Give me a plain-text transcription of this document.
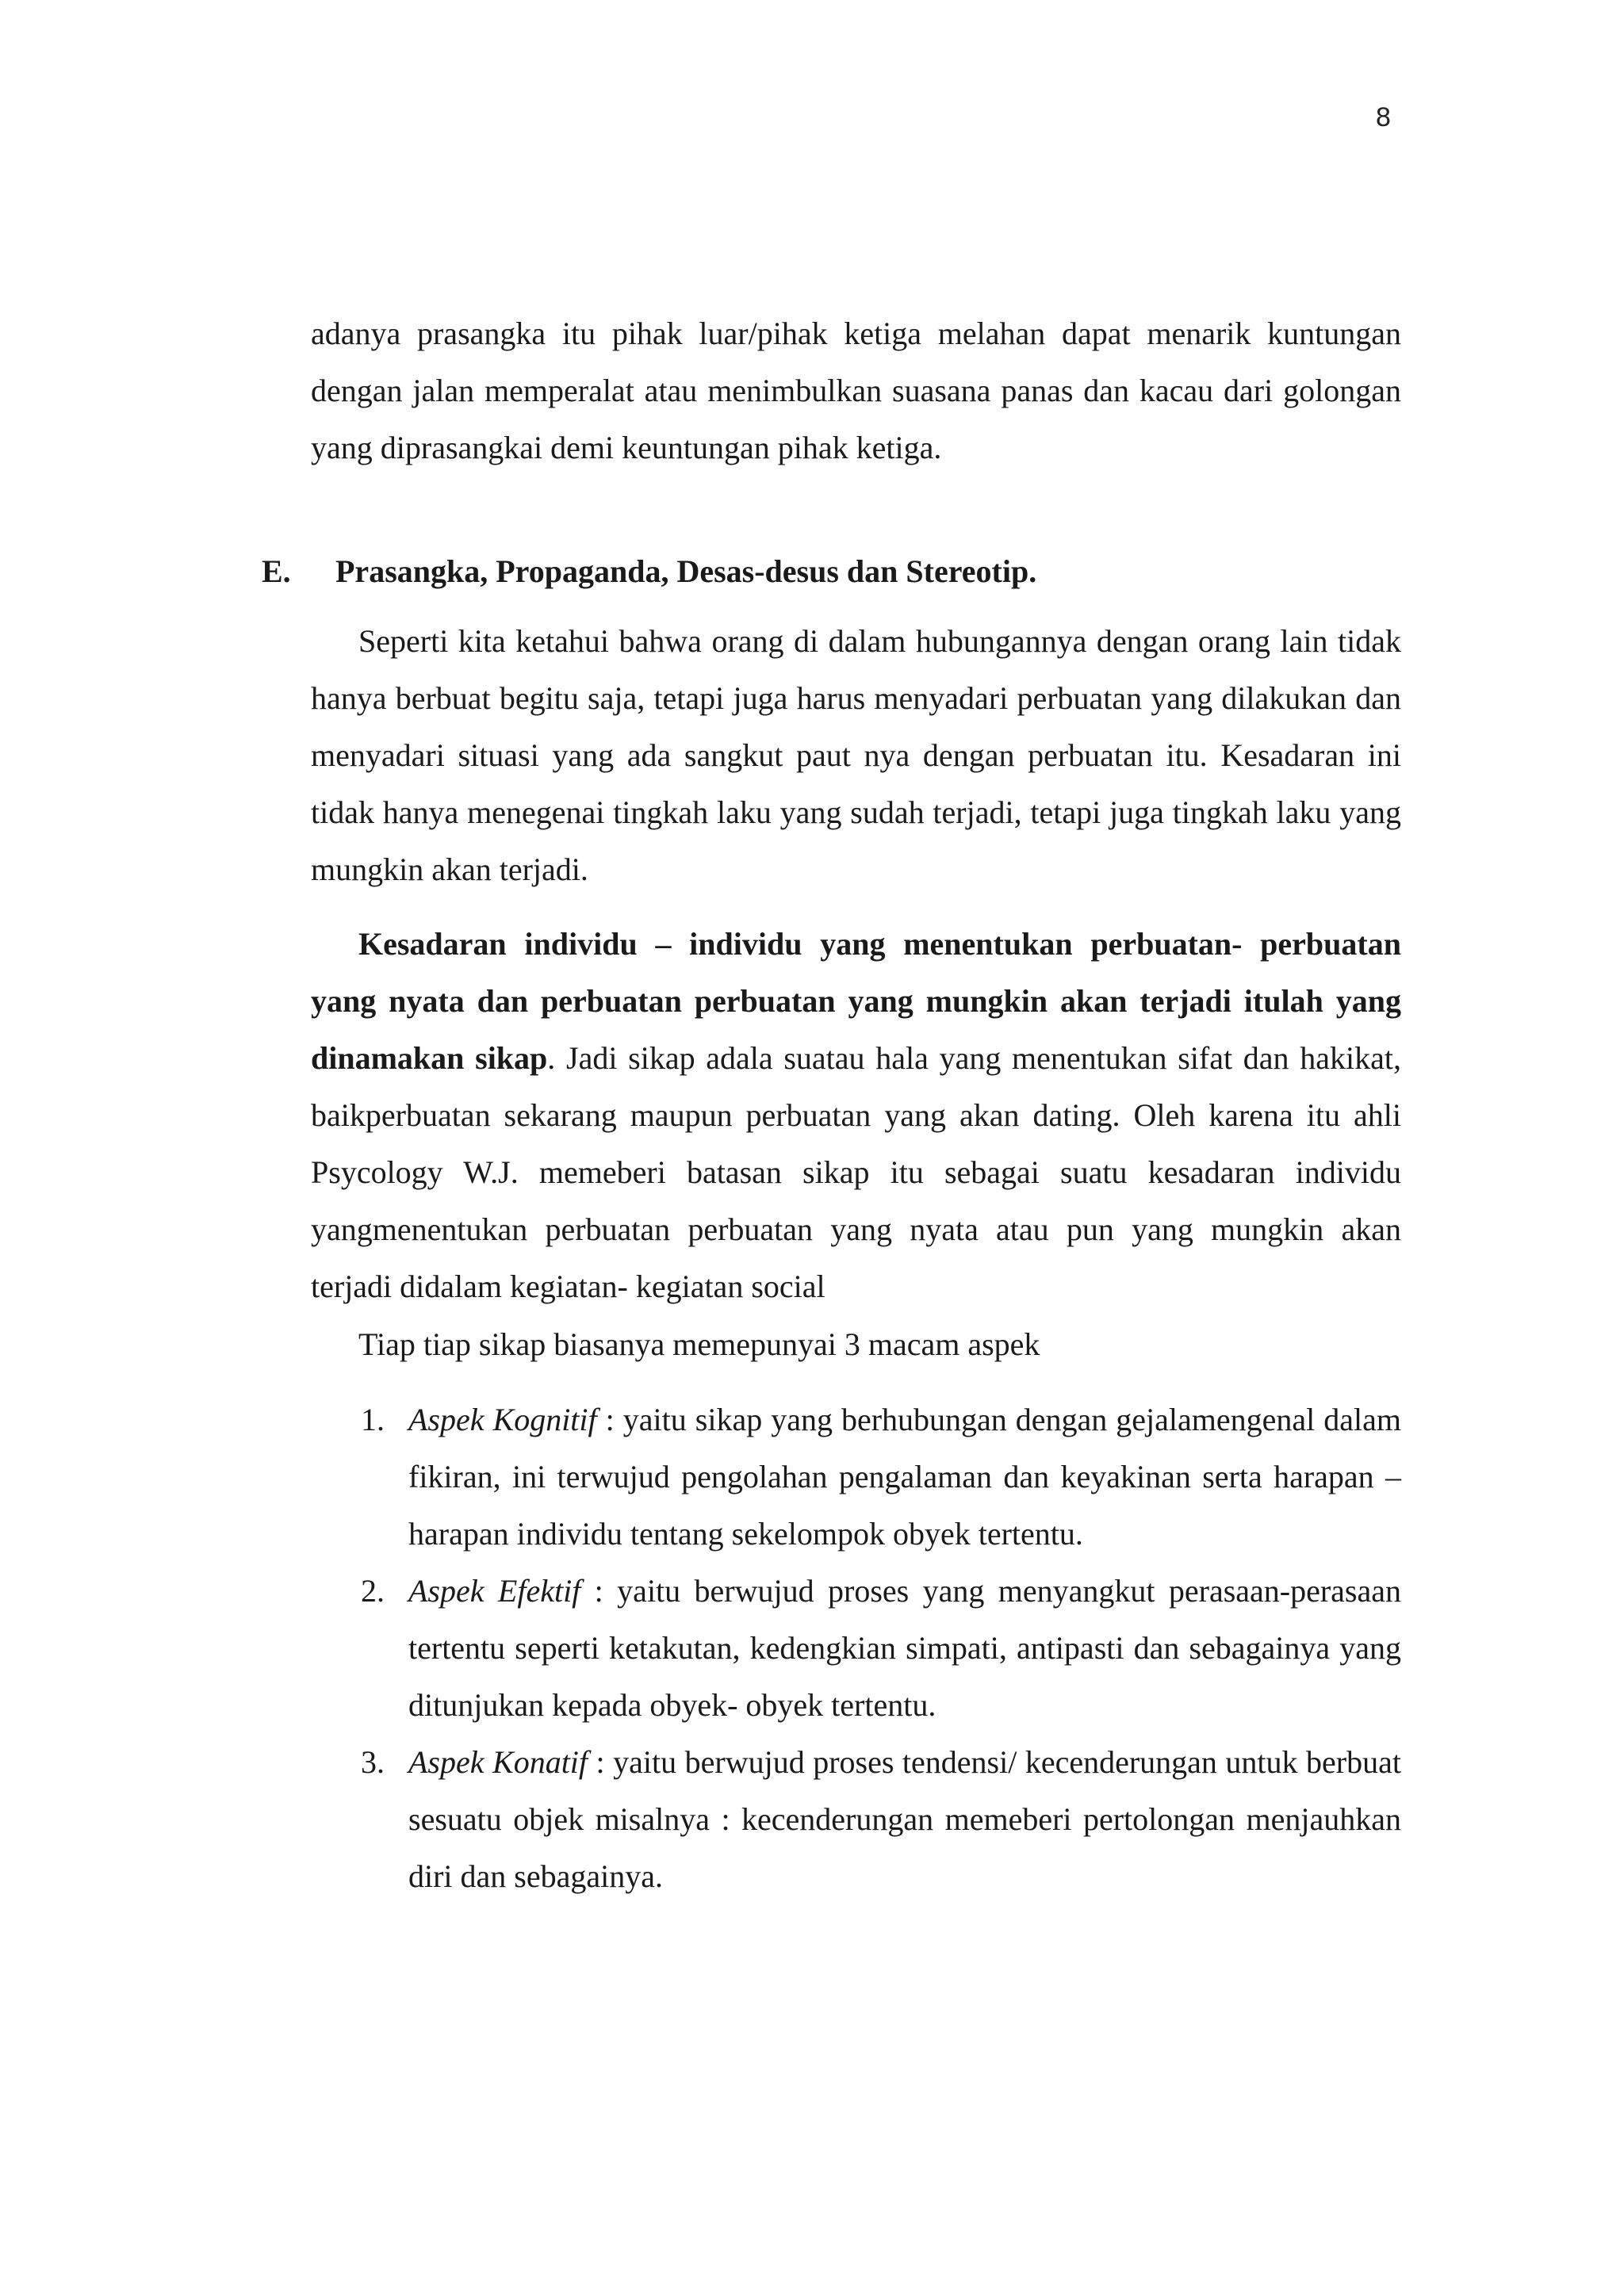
8

adanya prasangka itu pihak luar/pihak ketiga melahan dapat menarik kuntungan dengan jalan memperalat atau menimbulkan suasana panas dan kacau dari golongan yang diprasangkai demi keuntungan pihak ketiga.

E. Prasangka, Propaganda, Desas-desus dan Stereotip.

Seperti kita ketahui bahwa orang di dalam hubungannya dengan orang lain tidak hanya berbuat begitu saja, tetapi juga harus menyadari perbuatan yang dilakukan dan menyadari situasi yang ada sangkut paut nya dengan perbuatan itu. Kesadaran ini tidak hanya menegenai tingkah laku yang sudah terjadi, tetapi juga tingkah laku yang mungkin akan terjadi.

Kesadaran individu – individu yang menentukan perbuatan- perbuatan yang nyata dan perbuatan perbuatan yang mungkin akan terjadi itulah yang dinamakan sikap. Jadi sikap adala suatau hala yang menentukan sifat dan hakikat, baikperbuatan sekarang maupun perbuatan yang akan dating. Oleh karena itu ahli Psycology W.J. memeberi batasan sikap itu sebagai suatu kesadaran individu yangmenentukan perbuatan perbuatan yang nyata atau pun yang mungkin akan terjadi didalam kegiatan- kegiatan social

Tiap tiap sikap biasanya memepunyai 3 macam aspek

1. Aspek Kognitif : yaitu sikap yang berhubungan dengan gejalamengenal dalam fikiran, ini terwujud pengolahan pengalaman dan keyakinan serta harapan –harapan individu tentang sekelompok obyek tertentu.
2. Aspek Efektif : yaitu berwujud proses yang menyangkut perasaan-perasaan tertentu seperti ketakutan, kedengkian simpati, antipasti dan sebagainya yang ditunjukan kepada obyek- obyek tertentu.
3. Aspek Konatif : yaitu berwujud proses tendensi/ kecenderungan untuk berbuat sesuatu objek misalnya : kecenderungan memeberi pertolongan menjauhkan diri dan sebagainya.
